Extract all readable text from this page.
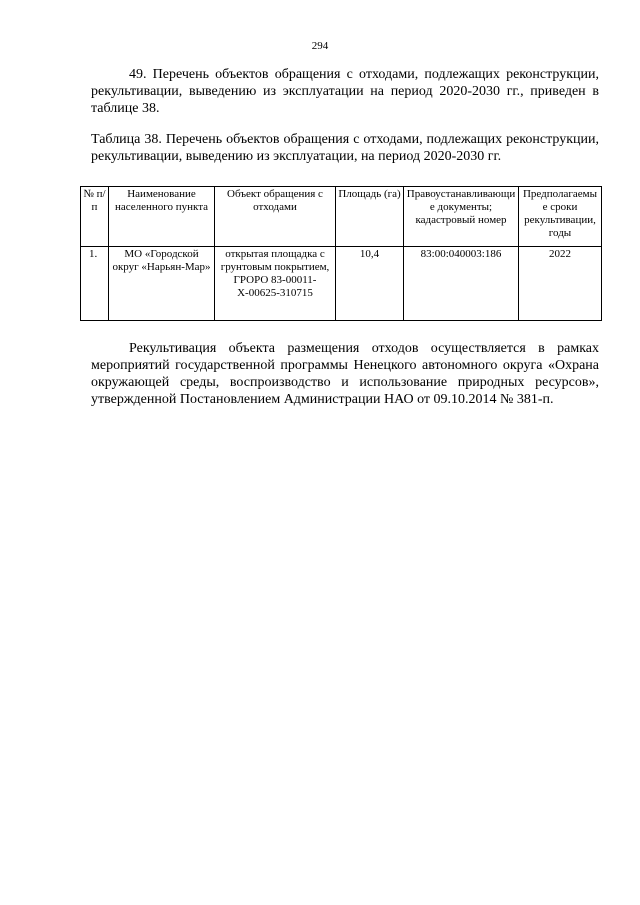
294

49. Перечень объектов обращения с отходами, подлежащих реконструкции, рекультивации, выведению из эксплуатации на период 2020-2030 гг., приведен в таблице 38.

Таблица 38. Перечень объектов обращения с отходами, подлежащих реконструкции, рекультивации, выведению из эксплуатации, на период 2020-2030 гг.

№ п/п	Наименование населенного пункта	Объект обращения с отходами	Площадь (га)	Правоустанавливающие документы; кадастровый номер	Предполагаемые сроки рекультивации, годы
1.	МО «Городской округ «Нарьян-Мар»	открытая площадка с грунтовым покрытием, ГРОРО 83-00011-Х-00625-310715	10,4	83:00:040003:186	2022

Рекультивация объекта размещения отходов осуществляется в рамках мероприятий государственной программы Ненецкого автономного округа «Охрана окружающей среды, воспроизводство и использование природных ресурсов», утвержденной Постановлением Администрации НАО от 09.10.2014 № 381-п.
